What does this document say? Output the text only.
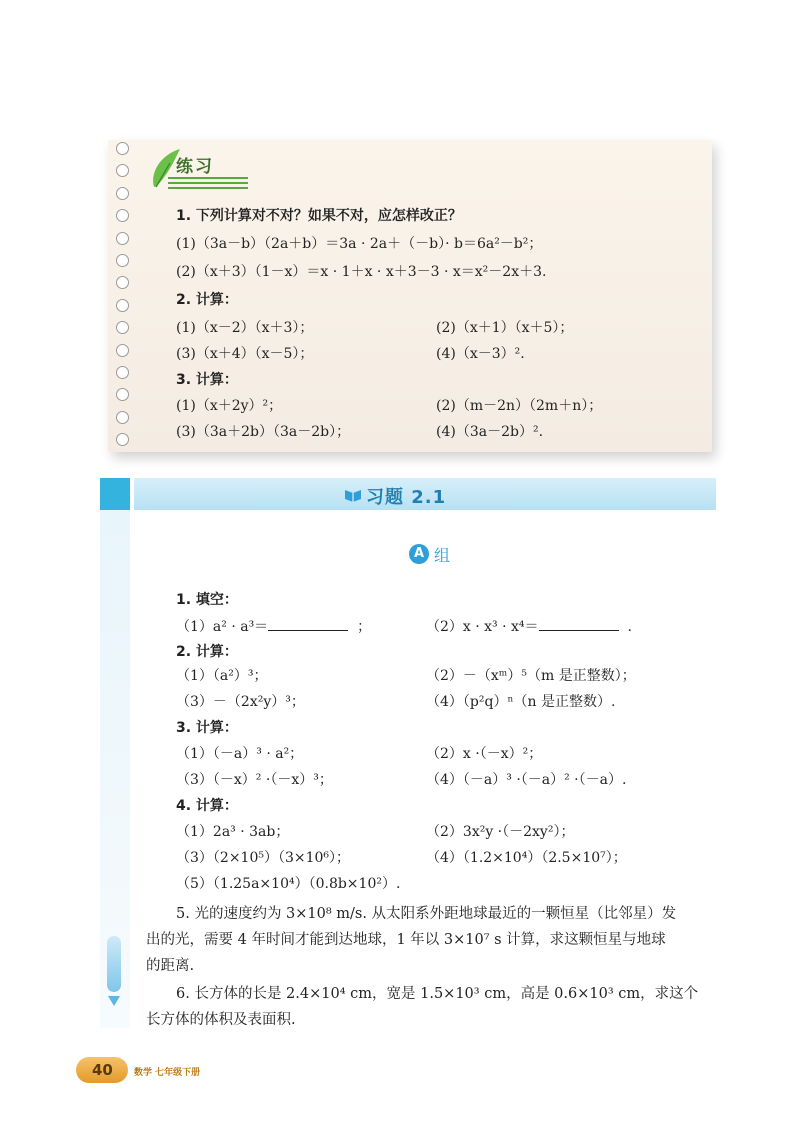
练习
1. 下列计算对不对？如果不对，应怎样改正？
(1)（3a－b）（2a＋b）＝3a · 2a＋（－b）· b＝6a²－b²；
(2)（x＋3）（1－x）＝x · 1＋x · x＋3－3 · x＝x²－2x＋3.
2. 计算：
(1)（x－2）（x＋3）；	(2)（x＋1）（x＋5）；
(3)（x＋4）（x－5）；	(4)（x－3）².
3. 计算：
(1)（x＋2y）²；	(2)（m－2n）（2m＋n）；
(3)（3a＋2b）（3a－2b）；	(4)（3a－2b）².
习题 2.1
A 组
1. 填空：
（1）a² · a³＝	；	（2）x · x³ · x⁴＝	.
2. 计算：
（1）（a²）³；	（2）－（xᵐ）⁵（m 是正整数）；
（3）－（2x²y）³；	（4）（p²q）ⁿ（n 是正整数）.
3. 计算：
（1）（－a）³ · a²；	（2）x ·（－x）²；
（3）（－x）² ·（－x）³；	（4）（－a）³ ·（－a）² ·（－a）.
4. 计算：
（1）2a³ · 3ab；	（2）3x²y ·（－2xy²）；
（3）（2×10⁵）（3×10⁶）；	（4）（1.2×10⁴）（2.5×10⁷）；
（5）（1.25a×10⁴）（0.8b×10²）.
5. 光的速度约为 3×10⁸ m/s. 从太阳系外距地球最近的一颗恒星（比邻星）发
出的光，需要 4 年时间才能到达地球，1 年以 3×10⁷ s 计算，求这颗恒星与地球
的距离.
6. 长方体的长是 2.4×10⁴ cm，宽是 1.5×10³ cm，高是 0.6×10³ cm，求这个
长方体的体积及表面积.
40 数学 七年级下册
